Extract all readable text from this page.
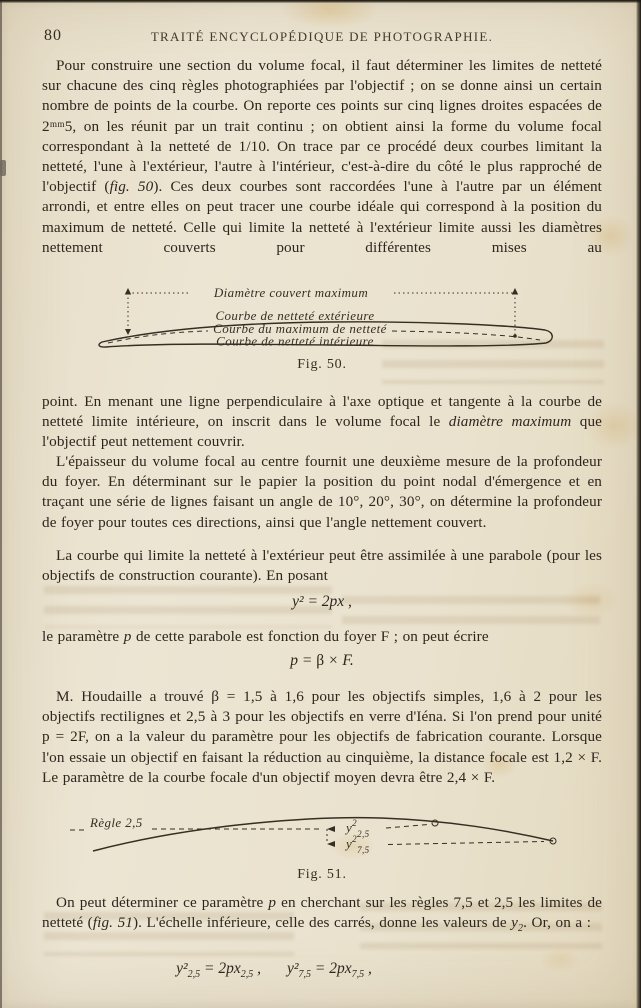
80	TRAITÉ ENCYCLOPÉDIQUE DE PHOTOGRAPHIE.

Pour construire une section du volume focal, il faut déterminer les limites de netteté sur chacune des cinq règles photographiées par l'objectif ; on se donne ainsi un certain nombre de points de la courbe. On reporte ces points sur cinq lignes droites espacées de 2ᵐᵐ5, on les réunit par un trait continu ; on obtient ainsi la forme du volume focal correspondant à la netteté de 1/10. On trace par ce procédé deux courbes limitant la netteté, l'une à l'extérieur, l'autre à l'intérieur, c'est-à-dire du côté le plus rapproché de l'objectif (fig. 50). Ces deux courbes sont raccordées l'une à l'autre par un élément arrondi, et entre elles on peut tracer une courbe idéale qui correspond à la position du maximum de netteté. Celle qui limite la netteté à l'extérieur limite aussi les diamètres nettement couverts pour différentes mises au

Diamètre couvert maximum
Courbe de netteté extérieure
Courbe du maximum de netteté
Courbe de netteté intérieure
Fig. 50.

point. En menant une ligne perpendiculaire à l'axe optique et tangente à la courbe de netteté limite intérieure, on inscrit dans le volume focal le diamètre maximum que l'objectif peut nettement couvrir.

L'épaisseur du volume focal au centre fournit une deuxième mesure de la profondeur du foyer. En déterminant sur le papier la position du point nodal d'émergence et en traçant une série de lignes faisant un angle de 10°, 20°, 30°, on détermine la profondeur de foyer pour toutes ces directions, ainsi que l'angle nettement couvert.

La courbe qui limite la netteté à l'extérieur peut être assimilée à une parabole (pour les objectifs de construction courante). En posant

y² = 2px ,

le paramètre p de cette parabole est fonction du foyer F ; on peut écrire

p = β × F.

M. Houdaille a trouvé β = 1,5 à 1,6 pour les objectifs simples, 1,6 à 2 pour les objectifs rectilignes et 2,5 à 3 pour les objectifs en verre d'Iéna. Si l'on prend pour unité p = 2F, on a la valeur du paramètre pour les objectifs de fabrication courante. Lorsque l'on essaie un objectif en faisant la réduction au cinquième, la distance focale est 1,2 × F. Le paramètre de la courbe focale d'un objectif moyen devra être 2,4 × F.

Règle 2,5	$y^2_{2,5}$
$y^2_{7,5}$
Fig. 51.

On peut déterminer ce paramètre p en cherchant sur les règles 7,5 et 2,5 les limites de netteté (fig. 51). L'échelle inférieure, celle des carrés, donne les valeurs de $y_2$. Or, on a :

$y^2_{2,5} = 2px_{2,5}$ , $y^2_{7,5} = 2px_{7,5}$ ,
